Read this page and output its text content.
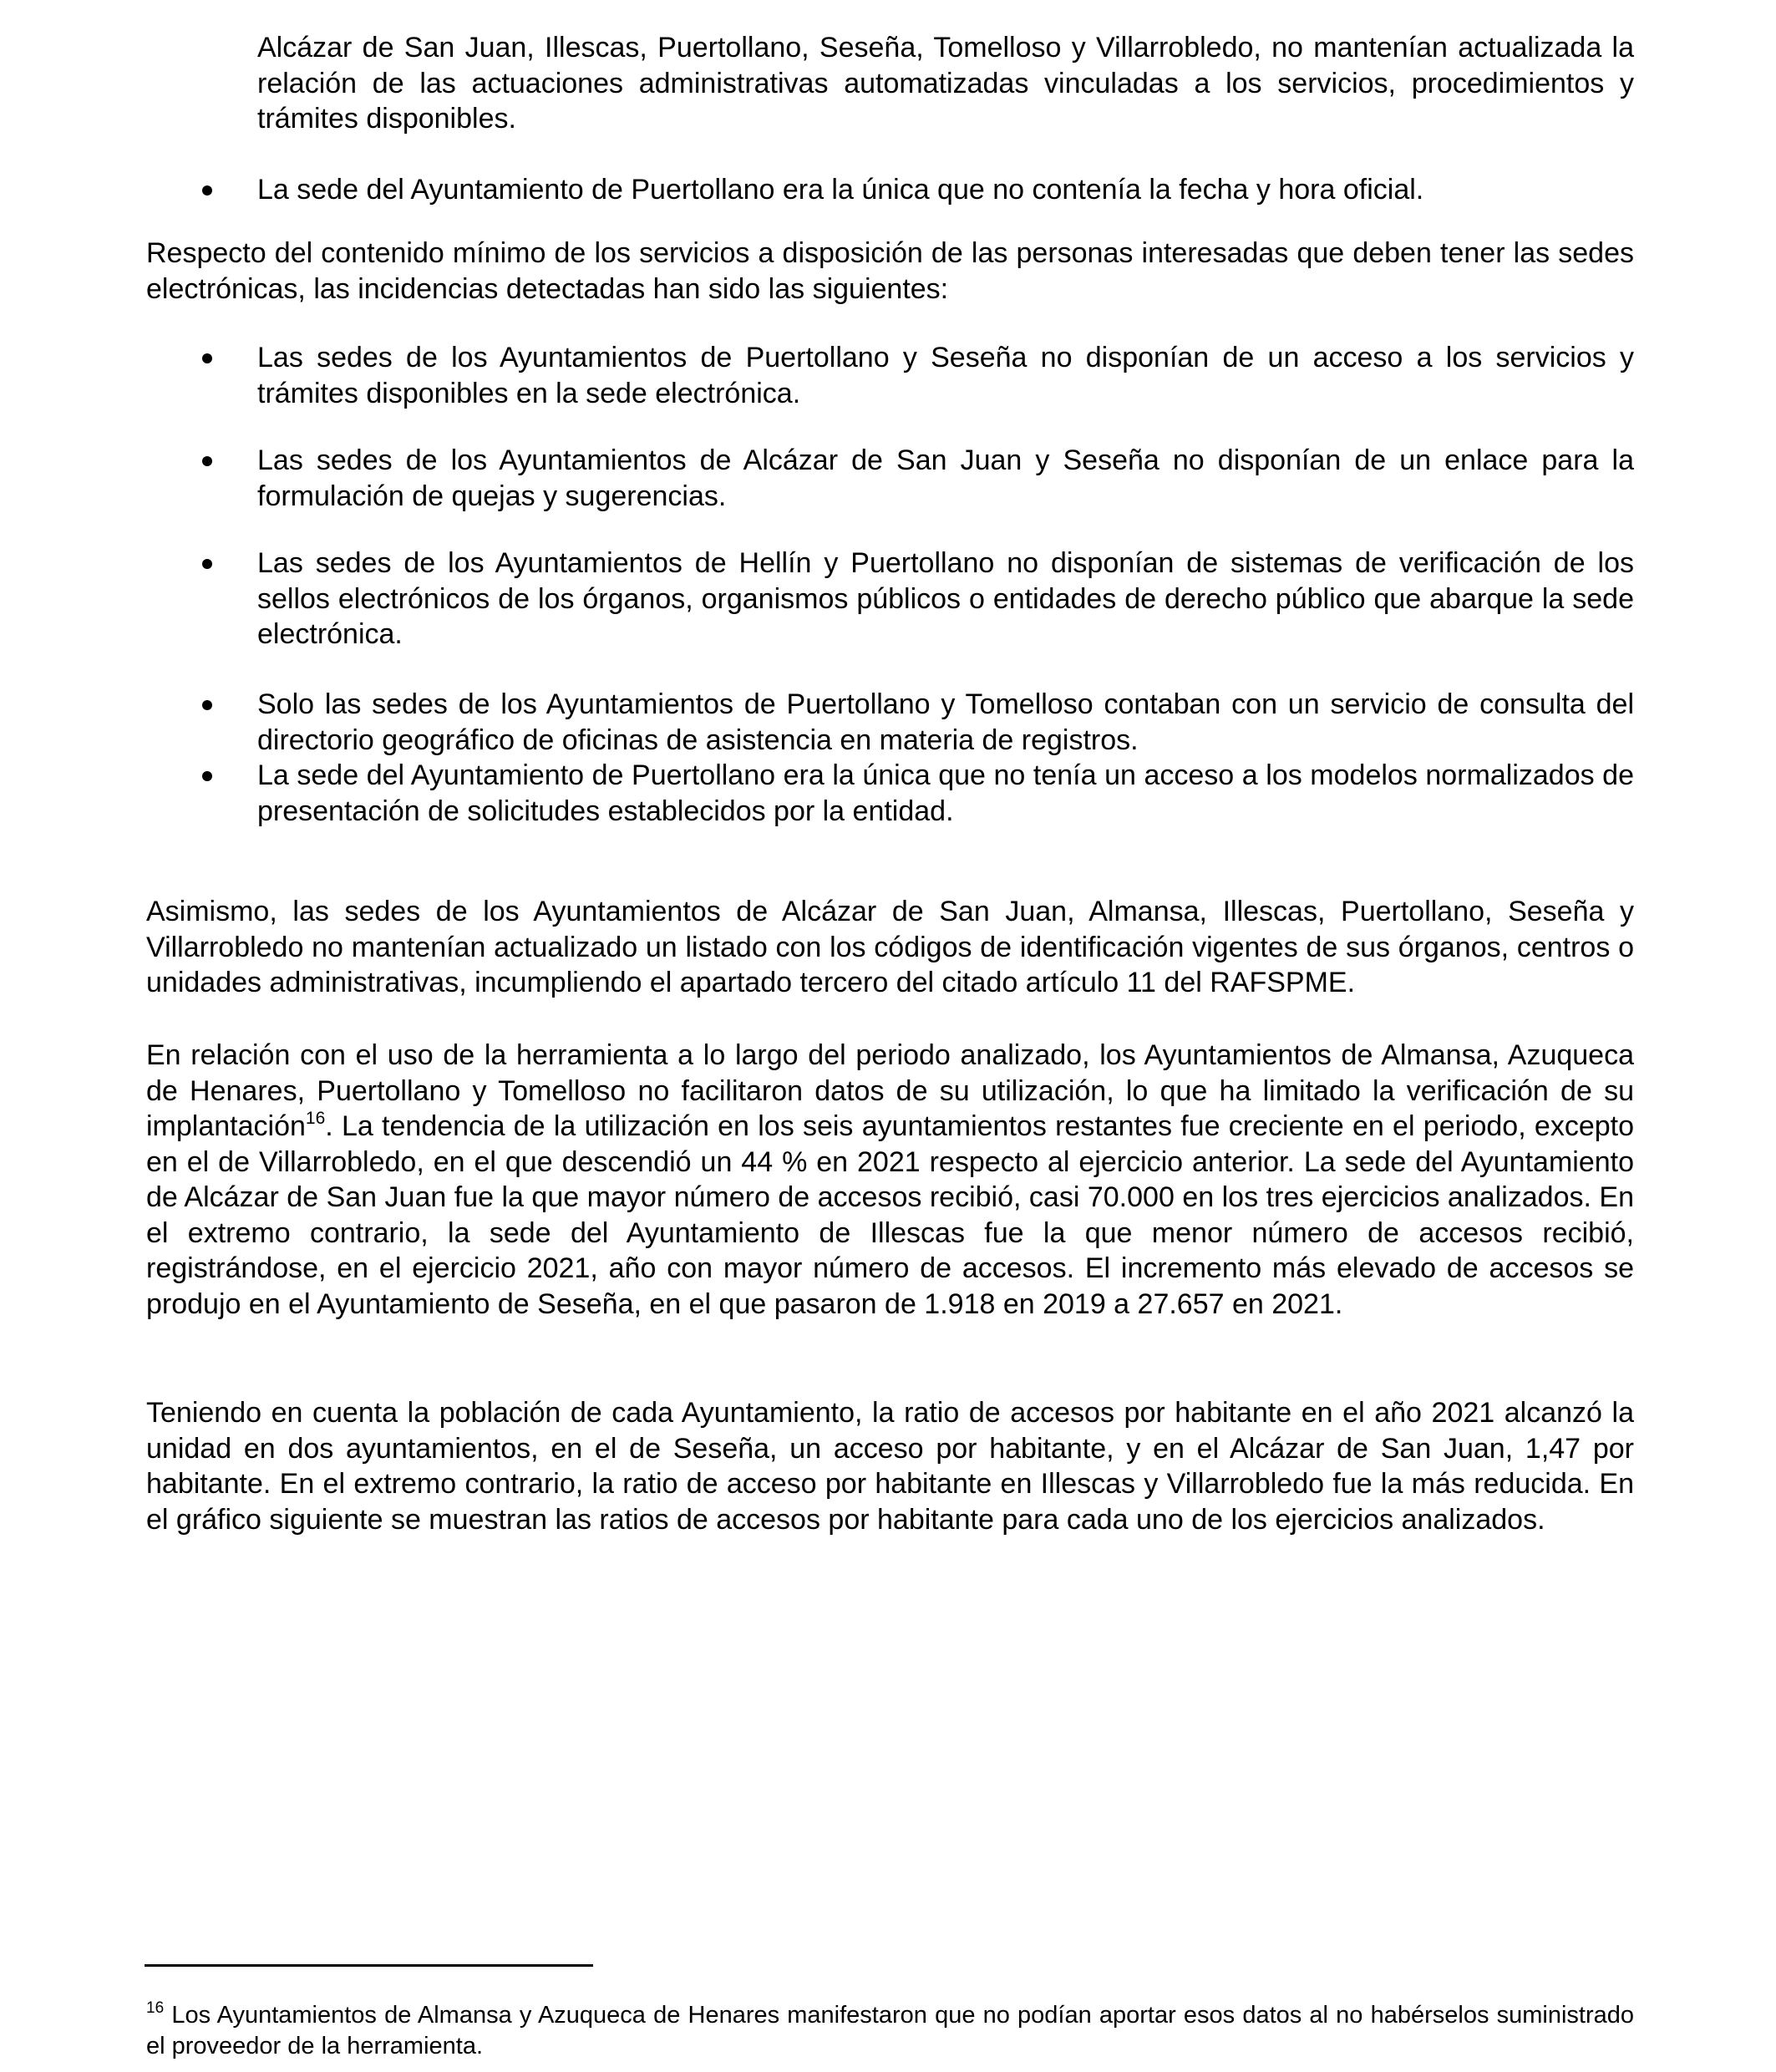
Alcázar de San Juan, Illescas, Puertollano, Seseña, Tomelloso y Villarrobledo, no mantenían actualizada la relación de las actuaciones administrativas automatizadas vinculadas a los servicios, procedimientos y trámites disponibles.
La sede del Ayuntamiento de Puertollano era la única que no contenía la fecha y hora oficial.
Respecto del contenido mínimo de los servicios a disposición de las personas interesadas que deben tener las sedes electrónicas, las incidencias detectadas han sido las siguientes:
Las sedes de los Ayuntamientos de Puertollano y Seseña no disponían de un acceso a los servicios y trámites disponibles en la sede electrónica.
Las sedes de los Ayuntamientos de Alcázar de San Juan y Seseña no disponían de un enlace para la formulación de quejas y sugerencias.
Las sedes de los Ayuntamientos de Hellín y Puertollano no disponían de sistemas de verificación de los sellos electrónicos de los órganos, organismos públicos o entidades de derecho público que abarque la sede electrónica.
Solo las sedes de los Ayuntamientos de Puertollano y Tomelloso contaban con un servicio de consulta del directorio geográfico de oficinas de asistencia en materia de registros.
La sede del Ayuntamiento de Puertollano era la única que no tenía un acceso a los modelos normalizados de presentación de solicitudes establecidos por la entidad.
Asimismo, las sedes de los Ayuntamientos de Alcázar de San Juan, Almansa, Illescas, Puertollano, Seseña y Villarrobledo no mantenían actualizado un listado con los códigos de identificación vigentes de sus órganos, centros o unidades administrativas, incumpliendo el apartado tercero del citado artículo 11 del RAFSPME.
En relación con el uso de la herramienta a lo largo del periodo analizado, los Ayuntamientos de Almansa, Azuqueca de Henares, Puertollano y Tomelloso no facilitaron datos de su utilización, lo que ha limitado la verificación de su implantación$^{16}$. La tendencia de la utilización en los seis ayuntamientos restantes fue creciente en el periodo, excepto en el de Villarrobledo, en el que descendió un 44 % en 2021 respecto al ejercicio anterior. La sede del Ayuntamiento de Alcázar de San Juan fue la que mayor número de accesos recibió, casi 70.000 en los tres ejercicios analizados. En el extremo contrario, la sede del Ayuntamiento de Illescas fue la que menor número de accesos recibió, registrándose, en el ejercicio 2021, año con mayor número de accesos. El incremento más elevado de accesos se produjo en el Ayuntamiento de Seseña, en el que pasaron de 1.918 en 2019 a 27.657 en 2021.
Teniendo en cuenta la población de cada Ayuntamiento, la ratio de accesos por habitante en el año 2021 alcanzó la unidad en dos ayuntamientos, en el de Seseña, un acceso por habitante, y en el Alcázar de San Juan, 1,47 por habitante. En el extremo contrario, la ratio de acceso por habitante en Illescas y Villarrobledo fue la más reducida. En el gráfico siguiente se muestran las ratios de accesos por habitante para cada uno de los ejercicios analizados.
$^{16}$ Los Ayuntamientos de Almansa y Azuqueca de Henares manifestaron que no podían aportar esos datos al no habérselos suministrado el proveedor de la herramienta.
